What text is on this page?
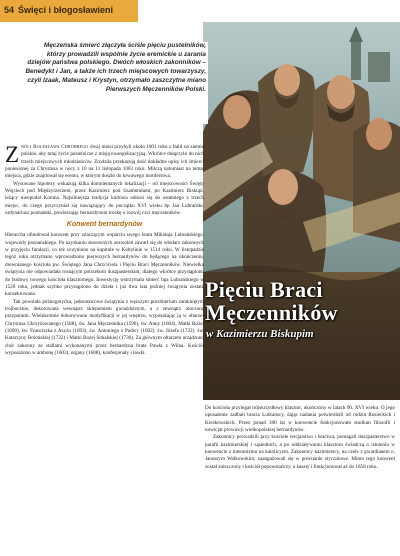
54 Święci i błogosławieni

Męczeńska śmierć złączyła ściśle pięciu pustelników, którzy prowadzili wspólnie życie eremickie u zarania dziejów państwa polskiego. Dwóch włoskich zakonników – Benedykt i Jan, a także ich trzech miejscowych towarzyszy, czyli Izaak, Mateusz i Krystyn, otrzymało zaszczytne miano Pierwszych Męczenników Polski.

Znóli Bolesława Chrobrego dwaj mnisi przybyli około 1001 roku z Italii na ziemie polskie, aby tutaj życie pustelnicze z misją ewangelizacyjną. Wkrótce dołączyło do nich trzech miejscowych młodzieńców. Zrodziła przekazują dość dokładne opisy ich śmierci poniesionej za Chrystusa w nocy z 10 na 11 listopada 1003 roku. Milczą natomiast na temat miejsca, gdzie znajdował się eremu, w którym doszło do krwawego morderstwa.

Wysuwane hipotezy wskazują kilka domniemanych lokalizacji – od miejscowości Święty Wojciech pod Międzyrzeczem, przez Kazimierz pod Szamotułami, po Kazimierz Biskupi, leżący nieopodal Konina. Najsilniejsza tradycja kultowa odnosi się do ostatniego z trzech miejsc, do czego przyczyniał się nawiązujący do początku XVI wieku bp Jan Lubrański, ordynariusz poznański, powierzając bernardynom troskę o rozwój czci męczenników.

Konwent bernardynów

Hierarcha ufundował konwent przy znaczącym wsparciu swego brata Mikołaja Lubrańskiego, wojewody poznańskiego. Po uzyskaniu stosownych zezwoleń zawarł się do włodarz zakonnych w przyjęciu fundacji, co też uczyniono na kapitule w Kobylinie w 1514 roku. W listopadzie tegoż roku otrzymano wprowadzono pierwszych bernardynów do będącego na ukończeniu, drewnianego kościoła pw. Świętego Jana Chrzciciela i Pięciu Braci Męczenników. Niewielka świątynia nie odpowiadała rosnącym potrzebom duszpasterskim, dlatego wkrótce przystąpiono do budowy nowego kościoła klasztornego. Inwestycję wstrzymała śmierć bpa Lubrańskiego w 1520 roku, jednak szybko przystąpiono do dzieła i już dwa lata później świątynia została konsekrowana.

Tak powstała późnogotycka, jednonawowa świątynia z węższym prezbiterium zamkniętym trójbocznie, dekorowana wewnątrz sklepieniem gwiaździstym, a z zewnątrz otoczona przyporami. Wielokrotnie dokonywano modyfikacji w jej wnętrzu, wyposażając ją w ołtarze: Chrystusa Ukrzyżowanego (1588), św. Jana Męczennika (1596), św. Anny (1604), Matki Bożej (1609), św. Franciszka z Asyżu (1693), św. Antoniego z Padwy (1692), św. Józefa (1722), św. Katarzyny Bolońskiej (1722) i Matki Bożej Sokalskiej (1730). Za głównym ołtarzem urządzono chór zakonny ze stallami wykonanymi przez bernardyna brata Pawła z Wilna. Kościół wyposażono w ambonę (1603), organy (1608), konfesjonały i ławki.

Pięciu Braci
Męczenników
w Kazimierzu Biskupim

Do kościoła przylegał trójskrzydłowy klasztor, ukończony w latach 90. XVI wieku. O jego uposażenie zadbali bracia Lubrańscy, dając nadania potwierdzili od rodzin Rusieckich i Kreśkowskich. Przez ponad 300 lat w konwencie funkcjonowało studium filozofii i nowicjat prowincji wielkopolskiej bernardynów.

Zakonnicy prowadzili przy kościele tercjarstwo i bractwa, pomagali duszpasterstwo w parafii kazimierskiej i sąsiednich, a po oddziaływaniu klasztoru świadczą o istnieniu w konwencie z luteranizmu na katolicyzm. Zakonnicy kazimierscy, na czele z gwardianem o. Januarym Walkowskim, zaangażowali się w powstanie styczniowe. Mimo tego konwent został zniszczony i kościół popowstańczy, a kasaty i funkcjonował aż do 1858 roku.
